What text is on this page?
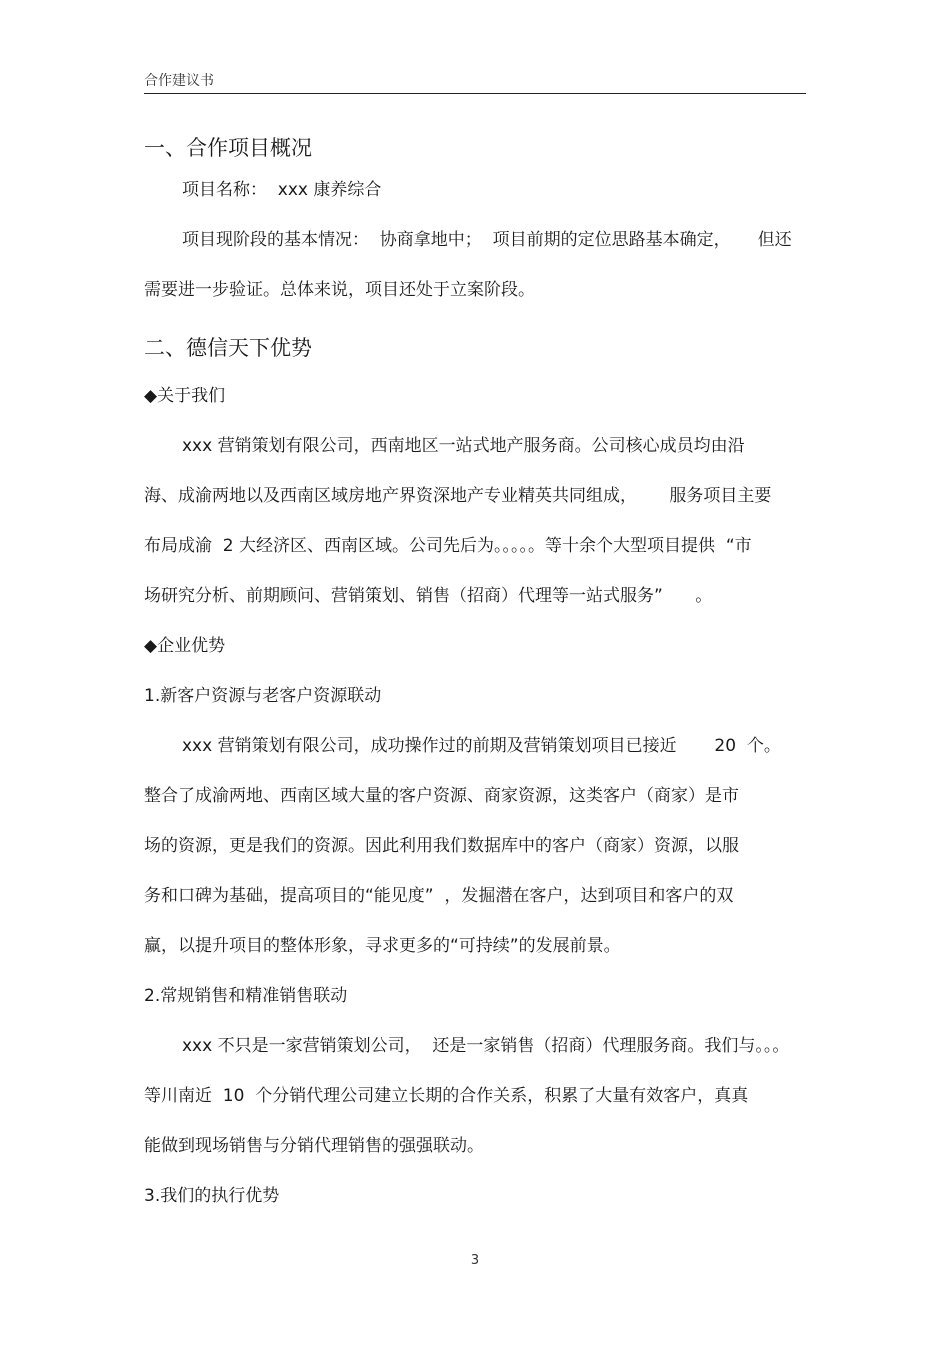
合作建议书
一、合作项目概况
项目名称：  xxx 康养综合
项目现阶段的基本情况：  协商拿地中；  项目前期的定位思路基本确定，     但还
需要进一步验证。总体来说，项目还处于立案阶段。
二、德信天下优势
◆关于我们
xxx 营销策划有限公司，西南地区一站式地产服务商。公司核心成员均由沿
海、成渝两地以及西南区域房地产界资深地产专业精英共同组成，      服务项目主要
布局成渝  2 大经济区、西南区域。公司先后为。。。。。等十余个大型项目提供  “市
场研究分析、前期顾问、营销策划、销售（招商）代理等一站式服务”      。
◆企业优势
1.新客户资源与老客户资源联动
xxx 营销策划有限公司，成功操作过的前期及营销策划项目已接近       20  个。
整合了成渝两地、西南区域大量的客户资源、商家资源，这类客户（商家）是市
场的资源，更是我们的资源。因此利用我们数据库中的客户（商家）资源，以服
务和口碑为基础，提高项目的“能见度”  ，发掘潜在客户，达到项目和客户的双
赢，以提升项目的整体形象，寻求更多的“可持续”的发展前景。
2.常规销售和精准销售联动
xxx 不只是一家营销策划公司，  还是一家销售（招商）代理服务商。我们与。。。
等川南近  10  个分销代理公司建立长期的合作关系，积累了大量有效客户，真真
能做到现场销售与分销代理销售的强强联动。
3.我们的执行优势
3
